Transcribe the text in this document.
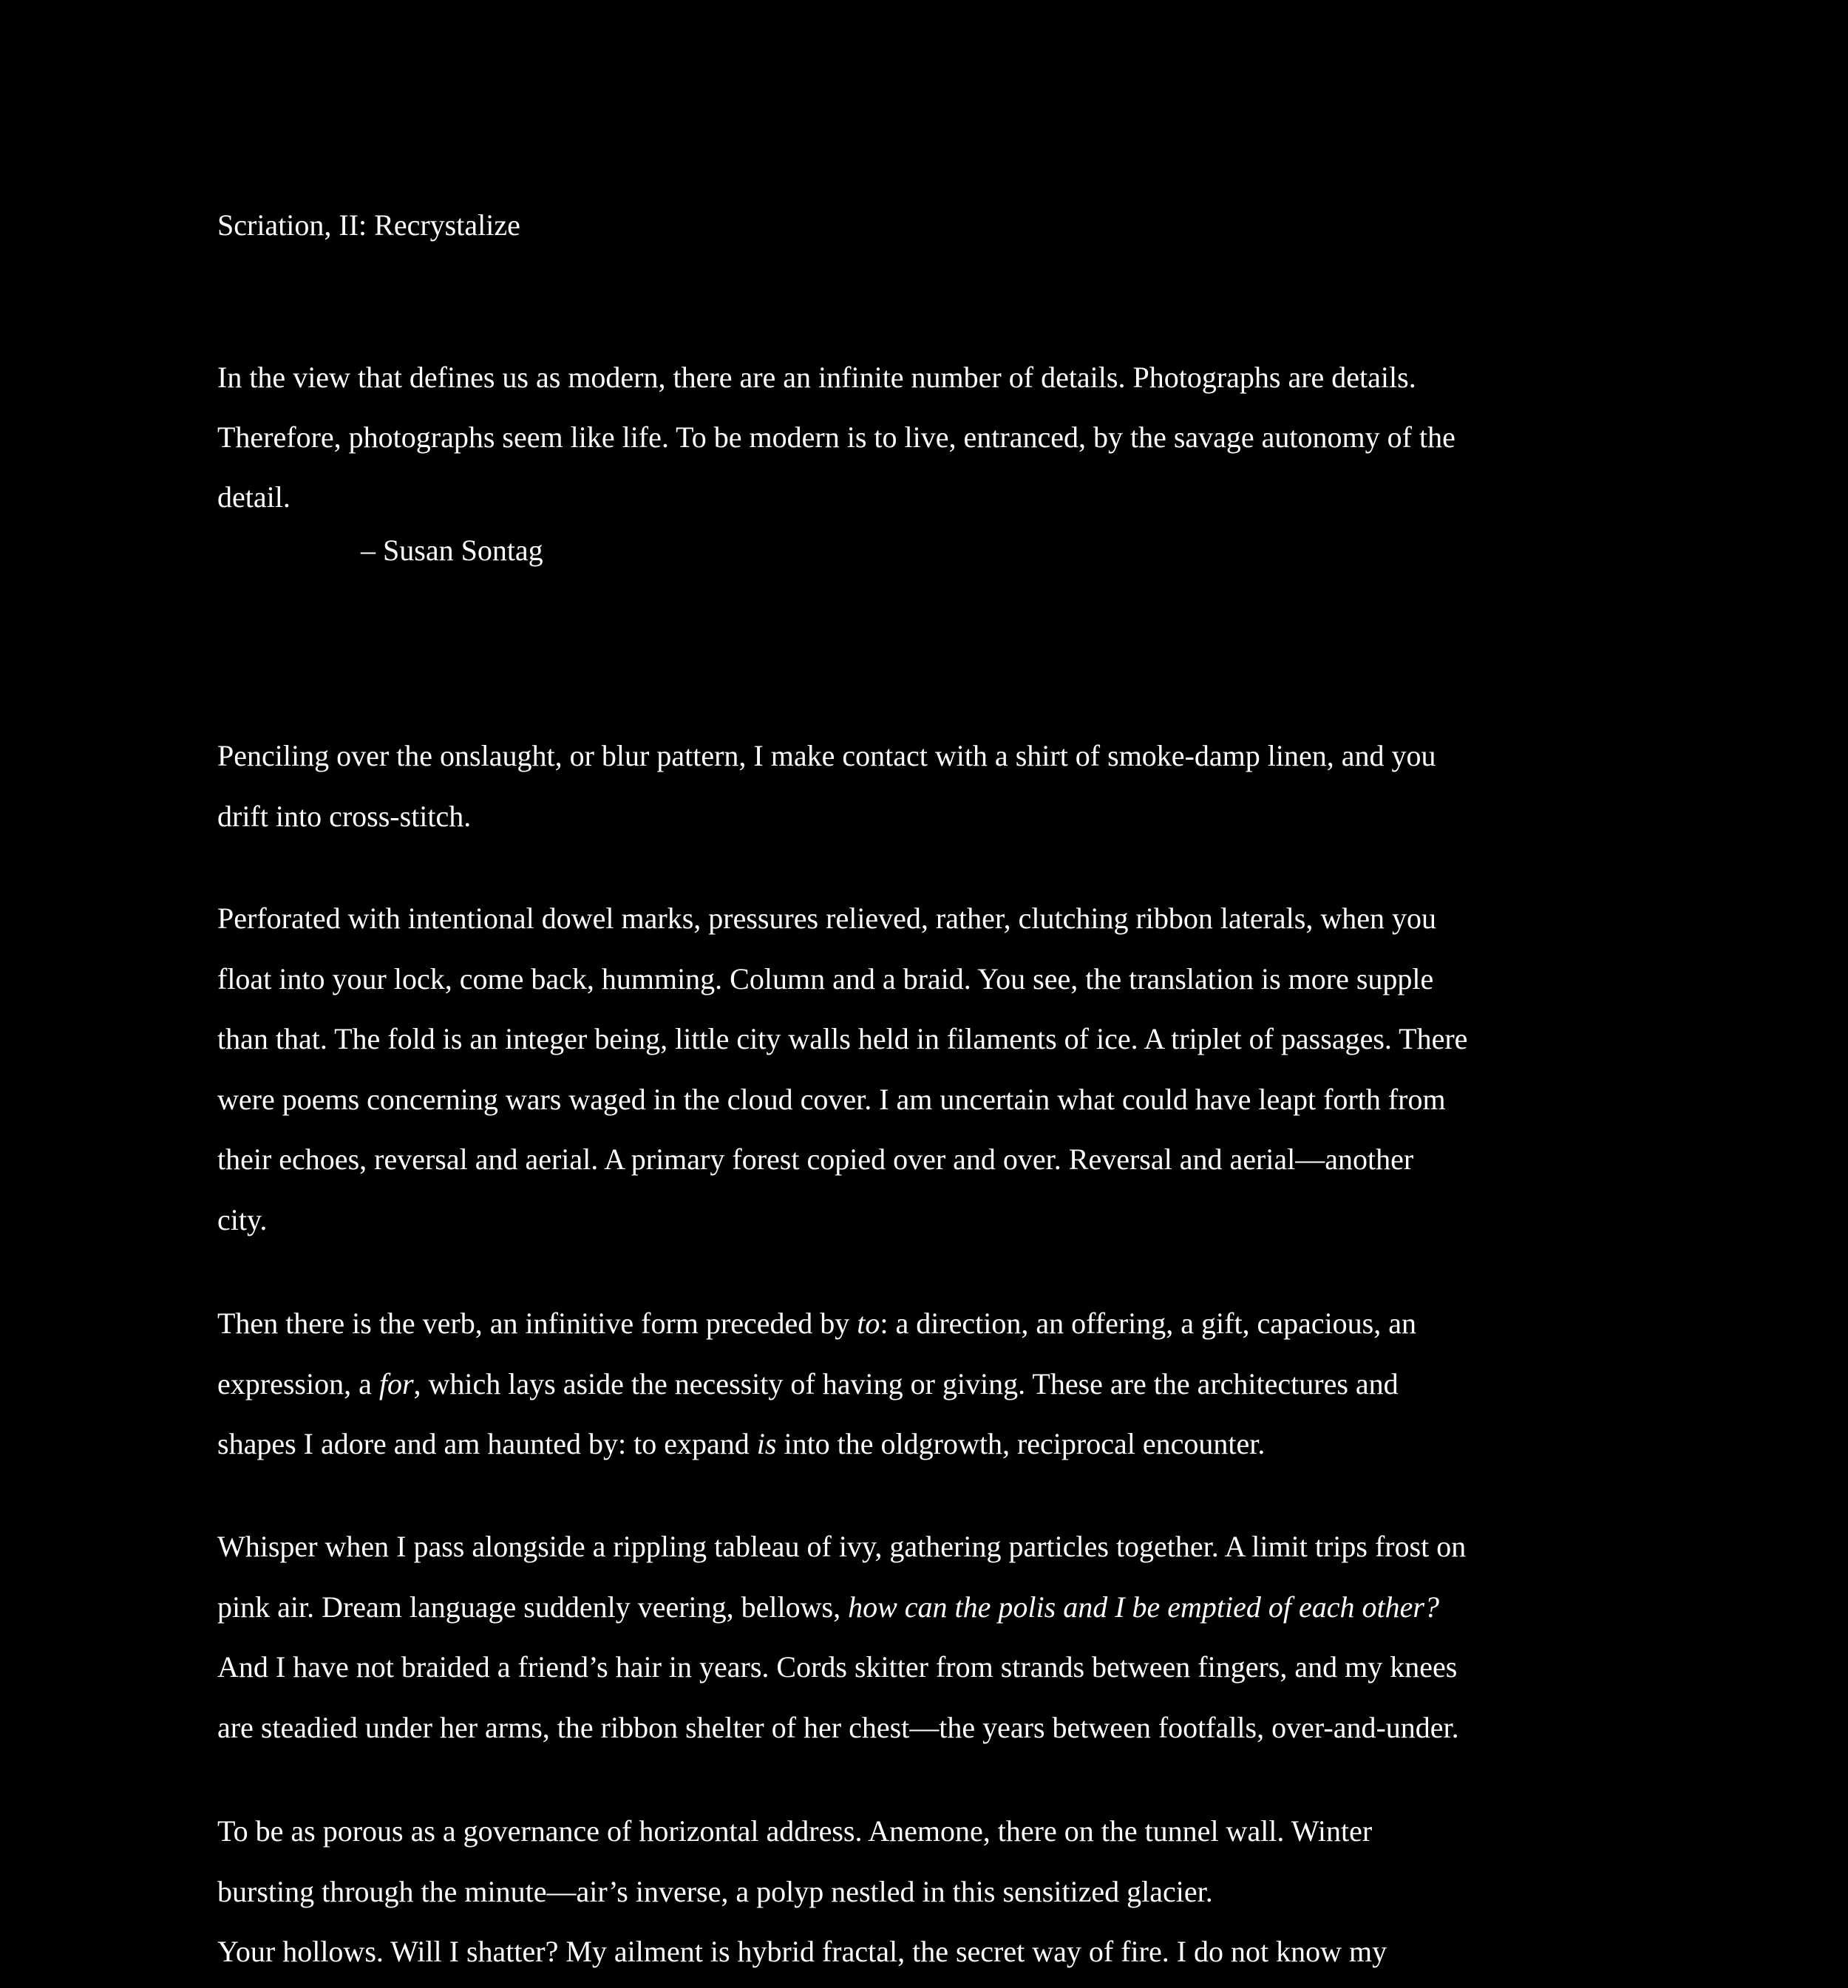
Scriation, II: Recrystalize

In the view that defines us as modern, there are an infinite number of details. Photographs are details.
Therefore, photographs seem like life. To be modern is to live, entranced, by the savage autonomy of the
detail.

– Susan Sontag

Penciling over the onslaught, or blur pattern, I make contact with a shirt of smoke-damp linen, and you
drift into cross-stitch.

Perforated with intentional dowel marks, pressures relieved, rather, clutching ribbon laterals, when you
float into your lock, come back, humming. Column and a braid. You see, the translation is more supple
than that. The fold is an integer being, little city walls held in filaments of ice. A triplet of passages. There
were poems concerning wars waged in the cloud cover. I am uncertain what could have leapt forth from
their echoes, reversal and aerial. A primary forest copied over and over. Reversal and aerial—another
city.

Then there is the verb, an infinitive form preceded by to: a direction, an offering, a gift, capacious, an
expression, a for, which lays aside the necessity of having or giving. These are the architectures and
shapes I adore and am haunted by: to expand is into the oldgrowth, reciprocal encounter.

Whisper when I pass alongside a rippling tableau of ivy, gathering particles together. A limit trips frost on
pink air. Dream language suddenly veering, bellows, how can the polis and I be emptied of each other?
And I have not braided a friend’s hair in years. Cords skitter from strands between fingers, and my knees
are steadied under her arms, the ribbon shelter of her chest—the years between footfalls, over-and-under.

To be as porous as a governance of horizontal address. Anemone, there on the tunnel wall. Winter
bursting through the minute—air’s inverse, a polyp nestled in this sensitized glacier.
Your hollows. Will I shatter? My ailment is hybrid fractal, the secret way of fire. I do not know my
